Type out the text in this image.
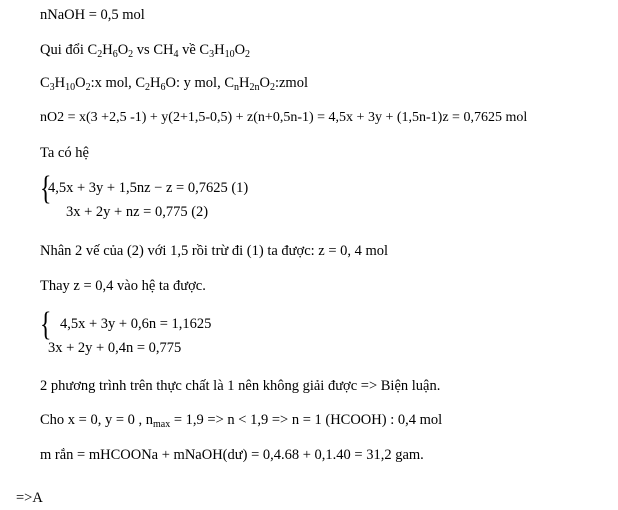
nNaOH = 0,5 mol
Qui đổi $C_2H_6O_2$ vs $CH_4$ về $C_3H_{10}O_2$
$C_3H_{10}O_2:x$ mol, $C_2H_6O$: y mol, $C_nH_{2n}O_2:zmol$
nO2 = x(3 +2,5 -1) + y(2+1,5-0,5) + z(n+0,5n-1) = 4,5x + 3y + (1,5n-1)z = 0,7625 mol
Ta có hệ
{
4,5x + 3y + 1,5nz − z = 0,7625 (1)
3x + 2y + nz = 0,775 (2)
Nhân 2 vế của (2) với 1,5 rồi trừ đi (1) ta được: z = 0, 4 mol
Thay z = 0,4 vào hệ ta được.
{ 4,5x + 3y + 0,6n = 1,1625
3x + 2y + 0,4n = 0,775
2 phương trình trên thực chất là 1 nên không giải được => Biện luận.
Cho x = 0, y = 0 , $n_{max} = 1,9 => n < 1,9 => n = 1$ (HCOOH) : 0,4 mol
m rắn = mHCOONa + mNaOH(dư) = 0,4.68 + 0,1.40 = 31,2 gam.
=>A
